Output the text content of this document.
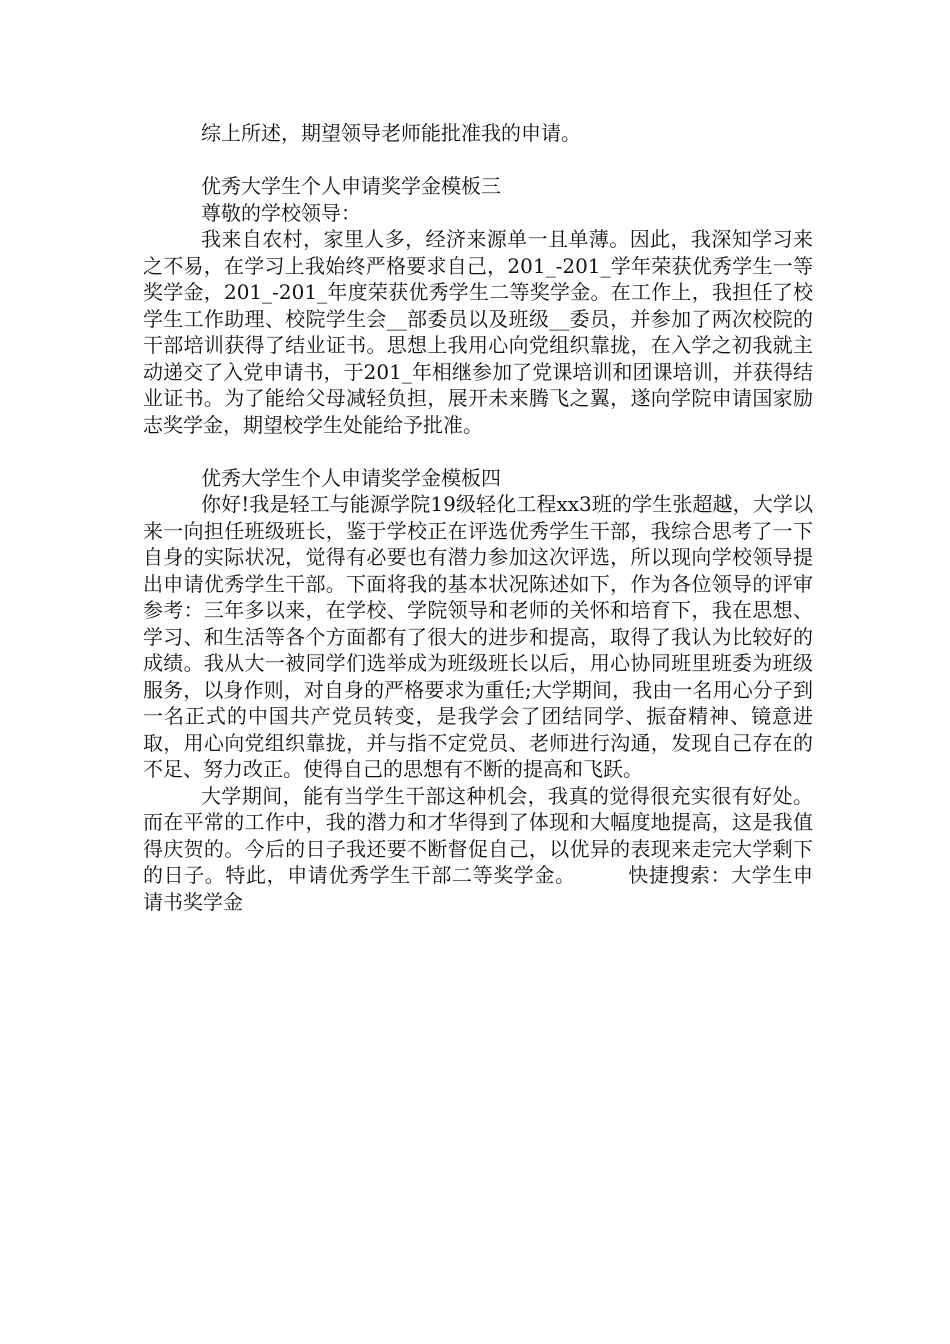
综上所述，期望领导老师能批准我的申请。

优秀大学生个人申请奖学金模板三

尊敬的学校领导：

我来自农村，家里人多，经济来源单一且单薄。因此，我深知学习来之不易，在学习上我始终严格要求自己，201_-201_学年荣获优秀学生一等奖学金，201_-201_年度荣获优秀学生二等奖学金。在工作上，我担任了校学生工作助理、校院学生会__部委员以及班级__委员，并参加了两次校院的干部培训获得了结业证书。思想上我用心向党组织靠拢，在入学之初我就主动递交了入党申请书，于201_年相继参加了党课培训和团课培训，并获得结业证书。为了能给父母减轻负担，展开未来腾飞之翼，遂向学院申请国家励志奖学金，期望校学生处能给予批准。

优秀大学生个人申请奖学金模板四

你好!我是轻工与能源学院19级轻化工程xx3班的学生张超越，大学以来一向担任班级班长，鉴于学校正在评选优秀学生干部，我综合思考了一下自身的实际状况，觉得有必要也有潜力参加这次评选，所以现向学校领导提出申请优秀学生干部。下面将我的基本状况陈述如下，作为各位领导的评审参考：三年多以来，在学校、学院领导和老师的关怀和培育下，我在思想、学习、和生活等各个方面都有了很大的进步和提高，取得了我认为比较好的成绩。我从大一被同学们选举成为班级班长以后，用心协同班里班委为班级服务，以身作则，对自身的严格要求为重任;大学期间，我由一名用心分子到一名正式的中国共产党员转变，是我学会了团结同学、振奋精神、镜意进取，用心向党组织靠拢，并与指不定党员、老师进行沟通，发现自己存在的不足、努力改正。使得自己的思想有不断的提高和飞跃。

大学期间，能有当学生干部这种机会，我真的觉得很充实很有好处。而在平常的工作中，我的潜力和才华得到了体现和大幅度地提高，这是我值得庆贺的。今后的日子我还要不断督促自己，以优异的表现来走完大学剩下的日子。特此，申请优秀学生干部二等奖学金。	快捷搜索：大学生申请书奖学金
